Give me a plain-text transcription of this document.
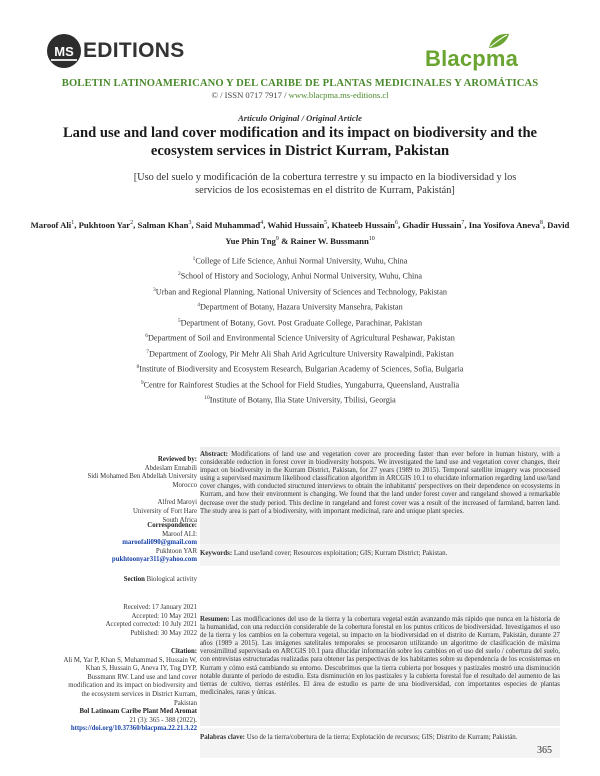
MS EDITIONS	Blacpma
BOLETIN LATINOAMERICANO Y DEL CARIBE DE PLANTAS MEDICINALES Y AROMÁTICAS
© / ISSN 0717 7917 / www.blacpma.ms-editions.cl
Articulo Original / Original Article
Land use and land cover modification and its impact on biodiversity and the ecosystem services in District Kurram, Pakistan
[Uso del suelo y modificación de la cobertura terrestre y su impacto en la biodiversidad y los servicios de los ecosistemas en el distrito de Kurram, Pakistán]
Maroof Ali$^1$, Pukhtoon Yar$^2$, Salman Khan$^3$, Said Muhammad$^4$, Wahid Hussain$^5$, Khateeb Hussain$^6$, Ghadir Hussain$^7$, Ina Yosifova Aneva$^8$, David Yue Phin Tng$^9$ & Rainer W. Bussmann$^{10}$
$^1$College of Life Science, Anhui Normal University, Wuhu, China
$^2$School of History and Sociology, Anhui Normal University, Wuhu, China
$^3$Urban and Regional Planning, National University of Sciences and Technology, Pakistan
$^4$Department of Botany, Hazara University Mansehra, Pakistan
$^5$Department of Botany, Govt. Post Graduate College, Parachinar, Pakistan
$^6$Department of Soil and Environmental Science University of Agricultural Peshawar, Pakistan
$^7$Department of Zoology, Pir Mehr Ali Shah Arid Agriculture University Rawalpindi, Pakistan
$^8$Institute of Biodiversity and Ecosystem Research, Bulgarian Academy of Sciences, Sofia, Bulgaria
$^9$Centre for Rainforest Studies at the School for Field Studies, Yungaburra, Queensland, Australia
$^{10}$Institute of Botany, Ilia State University, Tbilisi, Georgia
Reviewed by:
Abdeslam Ennabili
Sidi Mohamed Ben Abdellah University
Morocco
Alfred Maroyi
University of Fort Hare
South Africa
Correspondence:
Maroof ALI:
maroofali090@gmail.com
Pukhtoon YAR
pukhtoonyar311@yahoo.com
Section Biological activity
Received: 17 January 2021
Accepted: 10 May 2021
Accepted corrected: 10 July 2021
Published: 30 May 2022
Citation:
Ali M, Yar P, Khan S, Muhammad S, Hussain W, Khan S, Hussain G, Aneva IY, Tng DYP, Bussmann RW. Land use and land cover modification and its impact on biodiversity and the ecosystem services in District Kurram, Pakistan
Bol Latinoam Caribe Plant Med Aromat
21 (3): 365 - 388 (2022).
https://doi.org/10.37360/blacpma.22.21.3.22
Abstract: Modifications of land use and vegetation cover are proceeding faster than ever before in human history, with a considerable reduction in forest cover in biodiversity hotspots. We investigated the land use and vegetation cover changes, their impact on biodiversity in the Kurram District, Pakistan, for 27 years (1989 to 2015). Temporal satellite imagery was processed using a supervised maximum likelihood classification algorithm in ARCGIS 10.1 to elucidate information regarding land use/land cover changes, with conducted structured interviews to obtain the inhabitants' perspectives on their dependence on ecosystems in Kurram, and how their environment is changing. We found that the land under forest cover and rangeland showed a remarkable decrease over the study period. This decline in rangeland and forest cover was a result of the increased of farmland, barren land. The study area is part of a biodiversity, with important medicinal, rare and unique plant species.
Keywords: Land use/land cover; Resources exploitation; GIS; Kurram District; Pakistan.
Resumen: Las modificaciones del uso de la tierra y la cobertura vegetal están avanzando más rápido que nunca en la historia de la humanidad, con una reducción considerable de la cobertura forestal en los puntos críticos de biodiversidad. Investigamos el uso de la tierra y los cambios en la cobertura vegetal, su impacto en la biodiversidad en el distrito de Kurram, Pakistán, durante 27 años (1989 a 2015). Las imágenes satelitales temporales se procesaron utilizando un algoritmo de clasificación de máxima verosimilitud supervisada en ARCGIS 10.1 para dilucidar información sobre los cambios en el uso del suelo / cobertura del suelo, con entrevistas estructuradas realizadas para obtener las perspectivas de los habitantes sobre su dependencia de los ecosistemas en Kurram y cómo está cambiando su entorno. Descubrimos que la tierra cubierta por bosques y pastizales mostró una disminución notable durante el período de estudio. Esta disminución en los pastizales y la cubierta forestal fue el resultado del aumento de las tierras de cultivo, tierras estériles. El área de estudio es parte de una biodiversidad, con importantes especies de plantas medicinales, raras y únicas.
Palabras clave: Uso de la tierra/cobertura de la tierra; Explotación de recursos; GIS; Distrito de Kurram; Pakistán.
365
